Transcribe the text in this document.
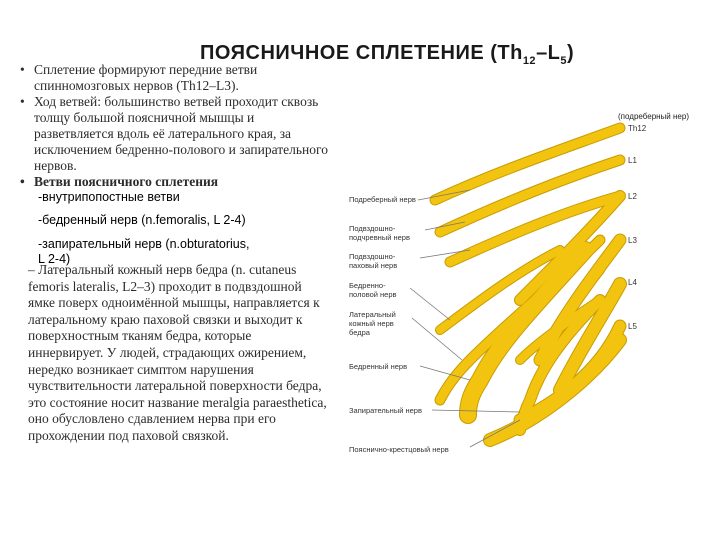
ПОЯСНИЧНОЕ СПЛЕТЕНИЕ $(Th_{12}-L_5)$

• Сплетение формируют передние ветви спинномозговых нервов (Th12–L3).

• Ход ветвей: большинство ветвей проходит сквозь толщу большой поясничной мышцы и разветвляется вдоль её латерального края, за исключением бедренно-полового и запирательного нервов.

• Ветви поясничного сплетения

-внутрипопостные ветви
-бедренный нерв (n.femoralis, L 2-4)
-запирательный нерв (n.obturatorius,
L 2-4)

– Латеральный кожный нерв бедра (n. cutaneus femoris lateralis, L2–3) проходит в подвздошной ямке поверх одноимённой мышцы, направляется к латеральному краю паховой связки и выходит к поверхностным тканям бедра, которые иннервирует. У людей, страдающих ожирением, нередко возникает симптом нарушения чувствительности латеральной поверхности бедра, это состояние носит название meralgia paraesthetica, оно обусловлено сдавлением нерва при его прохождении под паховой связкой.

(подреберный нер)
Th12
L1
L2
L3
L4
L5
Подреберный нерв
Подвздошно-подчревный нерв
Подвздошно-паховый нерв
Бедренно-половой нерв
Латеральный кожный нерв бедра
Бедренный нерв
Запирательный нерв
Пояснично-крестцовый нерв
